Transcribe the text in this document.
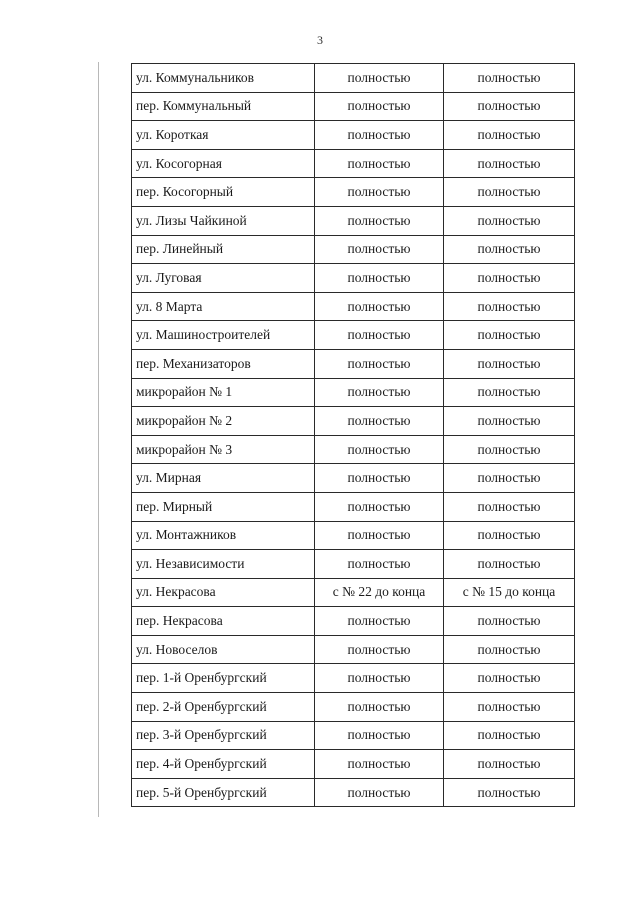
3
ул. Коммунальников	полностью	полностью
пер. Коммунальный	полностью	полностью
ул. Короткая	полностью	полностью
ул. Косогорная	полностью	полностью
пер. Косогорный	полностью	полностью
ул. Лизы Чайкиной	полностью	полностью
пер. Линейный	полностью	полностью
ул. Луговая	полностью	полностью
ул. 8 Марта	полностью	полностью
ул. Машиностроителей	полностью	полностью
пер. Механизаторов	полностью	полностью
микрорайон № 1	полностью	полностью
микрорайон № 2	полностью	полностью
микрорайон № 3	полностью	полностью
ул. Мирная	полностью	полностью
пер. Мирный	полностью	полностью
ул. Монтажников	полностью	полностью
ул. Независимости	полностью	полностью
ул. Некрасова	с № 22 до конца	с № 15 до конца
пер. Некрасова	полностью	полностью
ул. Новоселов	полностью	полностью
пер. 1-й Оренбургский	полностью	полностью
пер. 2-й Оренбургский	полностью	полностью
пер. 3-й Оренбургский	полностью	полностью
пер. 4-й Оренбургский	полностью	полностью
пер. 5-й Оренбургский	полностью	полностью
